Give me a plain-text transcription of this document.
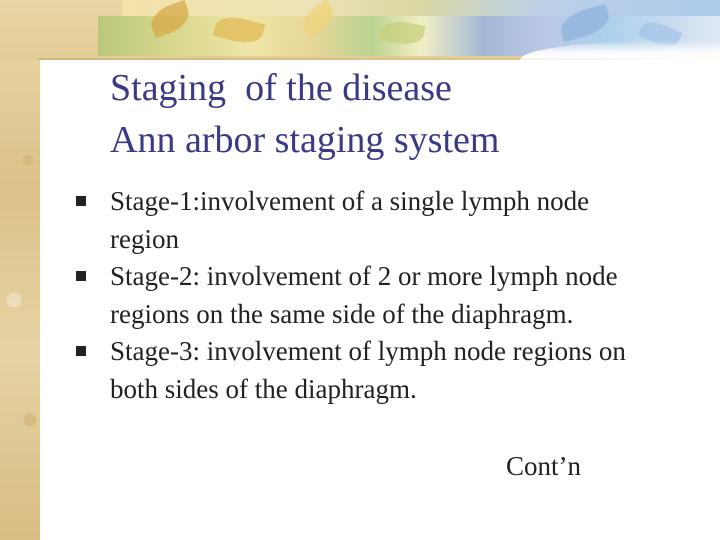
Staging  of the disease
Ann arbor staging system
Stage-1:involvement of a single lymph node region
Stage-2: involvement of 2 or more lymph node regions on the same side of the diaphragm.
Stage-3: involvement of lymph node regions on both sides of the diaphragm.
Cont’n
